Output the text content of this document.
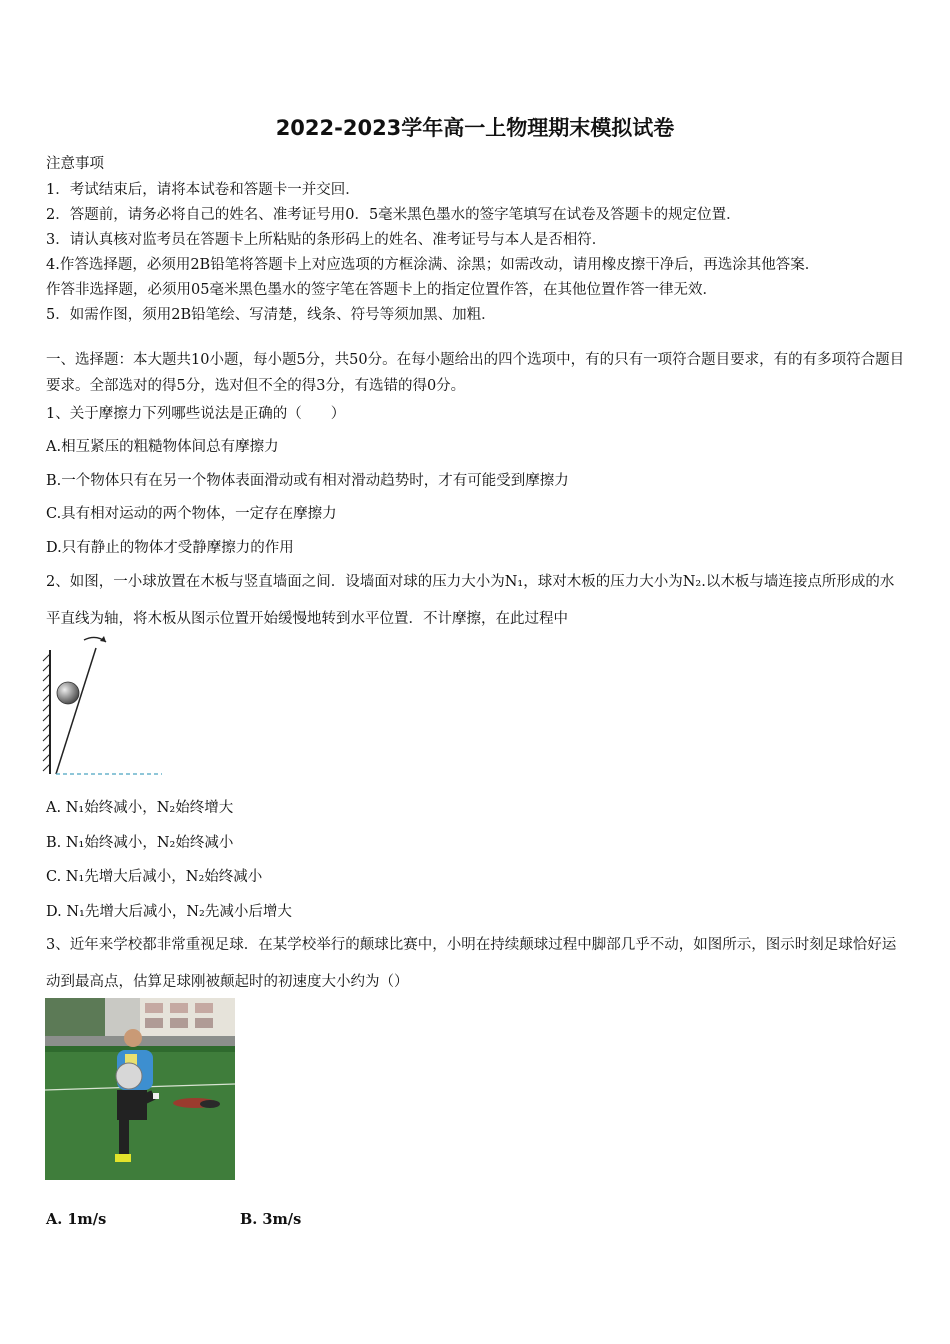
2022-2023学年高一上物理期末模拟试卷
注意事项
1．考试结束后，请将本试卷和答题卡一并交回．
2．答题前，请务必将自己的姓名、准考证号用0．5毫米黑色墨水的签字笔填写在试卷及答题卡的规定位置．
3．请认真核对监考员在答题卡上所粘贴的条形码上的姓名、准考证号与本人是否相符．
4.作答选择题，必须用2B铅笔将答题卡上对应选项的方框涂满、涂黑；如需改动，请用橡皮擦干净后，再选涂其他答案．
作答非选择题，必须用05毫米黑色墨水的签字笔在答题卡上的指定位置作答，在其他位置作答一律无效．
5．如需作图，须用2B铅笔绘、写清楚，线条、符号等须加黑、加粗．
一、选择题：本大题共10小题，每小题5分，共50分。在每小题给出的四个选项中，有的只有一项符合题目要求，有的有多项符合题目要求。全部选对的得5分，选对但不全的得3分，有选错的得0分。
1、关于摩擦力下列哪些说法是正确的（　　）
A.相互紧压的粗糙物体间总有摩擦力
B.一个物体只有在另一个物体表面滑动或有相对滑动趋势时，才有可能受到摩擦力
C.具有相对运动的两个物体，一定存在摩擦力
D.只有静止的物体才受静摩擦力的作用
2、如图，一小球放置在木板与竖直墙面之间．设墙面对球的压力大小为N₁，球对木板的压力大小为N₂.以木板与墙连接点所形成的水平直线为轴，将木板从图示位置开始缓慢地转到水平位置．不计摩擦，在此过程中
A. N₁始终减小，N₂始终增大
B. N₁始终减小，N₂始终减小
C. N₁先增大后减小，N₂始终减小
D. N₁先增大后减小，N₂先减小后增大
3、近年来学校都非常重视足球．在某学校举行的颠球比赛中，小明在持续颠球过程中脚部几乎不动，如图所示，图示时刻足球恰好运动到最高点，估算足球刚被颠起时的初速度大小约为（）
A. 1m/s	B. 3m/s
